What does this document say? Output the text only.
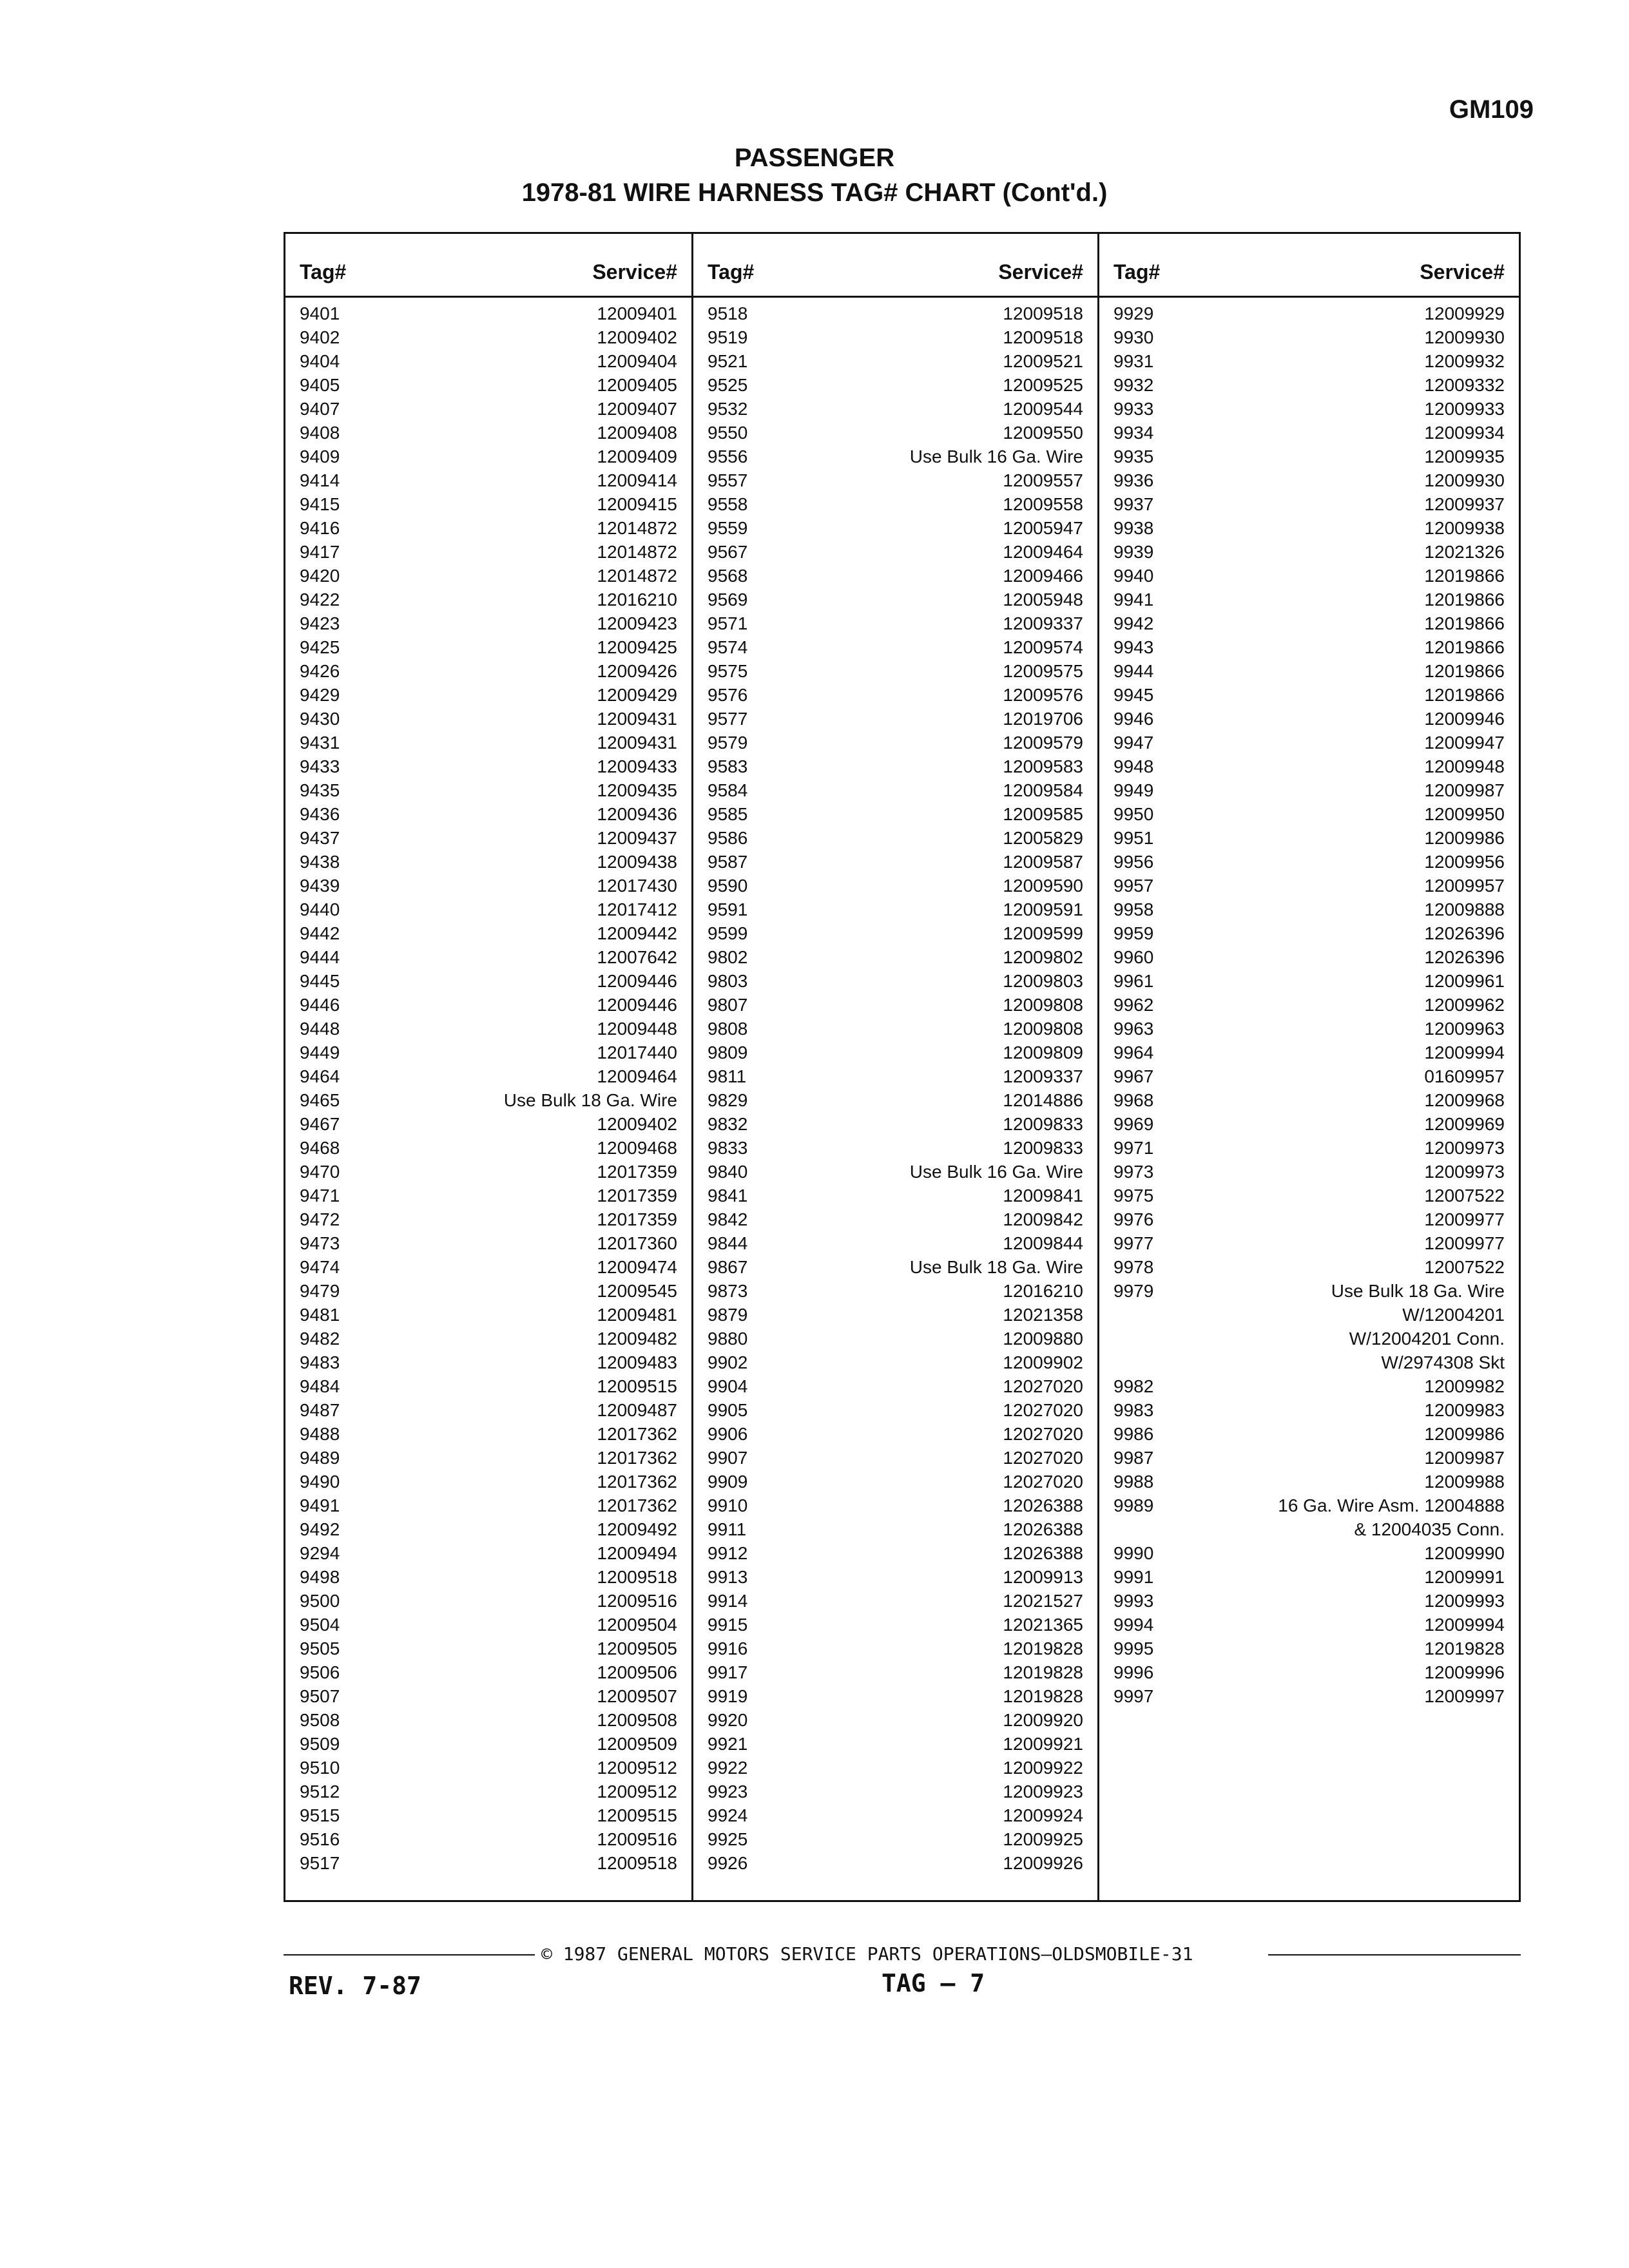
GM109
PASSENGER
1978-81 WIRE HARNESS TAG# CHART (Cont'd.)
Tag#	Service#
9401	12009401
9402	12009402
9404	12009404
9405	12009405
9407	12009407
9408	12009408
9409	12009409
9414	12009414
9415	12009415
9416	12014872
9417	12014872
9420	12014872
9422	12016210
9423	12009423
9425	12009425
9426	12009426
9429	12009429
9430	12009431
9431	12009431
9433	12009433
9435	12009435
9436	12009436
9437	12009437
9438	12009438
9439	12017430
9440	12017412
9442	12009442
9444	12007642
9445	12009446
9446	12009446
9448	12009448
9449	12017440
9464	12009464
9465	Use Bulk 18 Ga. Wire
9467	12009402
9468	12009468
9470	12017359
9471	12017359
9472	12017359
9473	12017360
9474	12009474
9479	12009545
9481	12009481
9482	12009482
9483	12009483
9484	12009515
9487	12009487
9488	12017362
9489	12017362
9490	12017362
9491	12017362
9492	12009492
9294	12009494
9498	12009518
9500	12009516
9504	12009504
9505	12009505
9506	12009506
9507	12009507
9508	12009508
9509	12009509
9510	12009512
9512	12009512
9515	12009515
9516	12009516
9517	12009518
Tag#	Service#
9518	12009518
9519	12009518
9521	12009521
9525	12009525
9532	12009544
9550	12009550
9556	Use Bulk 16 Ga. Wire
9557	12009557
9558	12009558
9559	12005947
9567	12009464
9568	12009466
9569	12005948
9571	12009337
9574	12009574
9575	12009575
9576	12009576
9577	12019706
9579	12009579
9583	12009583
9584	12009584
9585	12009585
9586	12005829
9587	12009587
9590	12009590
9591	12009591
9599	12009599
9802	12009802
9803	12009803
9807	12009808
9808	12009808
9809	12009809
9811	12009337
9829	12014886
9832	12009833
9833	12009833
9840	Use Bulk 16 Ga. Wire
9841	12009841
9842	12009842
9844	12009844
9867	Use Bulk 18 Ga. Wire
9873	12016210
9879	12021358
9880	12009880
9902	12009902
9904	12027020
9905	12027020
9906	12027020
9907	12027020
9909	12027020
9910	12026388
9911	12026388
9912	12026388
9913	12009913
9914	12021527
9915	12021365
9916	12019828
9917	12019828
9919	12019828
9920	12009920
9921	12009921
9922	12009922
9923	12009923
9924	12009924
9925	12009925
9926	12009926
Tag#	Service#
9929	12009929
9930	12009930
9931	12009932
9932	12009332
9933	12009933
9934	12009934
9935	12009935
9936	12009930
9937	12009937
9938	12009938
9939	12021326
9940	12019866
9941	12019866
9942	12019866
9943	12019866
9944	12019866
9945	12019866
9946	12009946
9947	12009947
9948	12009948
9949	12009987
9950	12009950
9951	12009986
9956	12009956
9957	12009957
9958	12009888
9959	12026396
9960	12026396
9961	12009961
9962	12009962
9963	12009963
9964	12009994
9967	01609957
9968	12009968
9969	12009969
9971	12009973
9973	12009973
9975	12007522
9976	12009977
9977	12009977
9978	12007522
9979	Use Bulk 18 Ga. Wire
W/12004201
W/12004201 Conn.
W/2974308 Skt
9982	12009982
9983	12009983
9986	12009986
9987	12009987
9988	12009988
9989	16 Ga. Wire Asm. 12004888
& 12004035 Conn.
9990	12009990
9991	12009991
9993	12009993
9994	12009994
9995	12019828
9996	12009996
9997	12009997
© 1987 GENERAL MOTORS SERVICE PARTS OPERATIONS—OLDSMOBILE-31
REV. 7-87	TAG — 7
